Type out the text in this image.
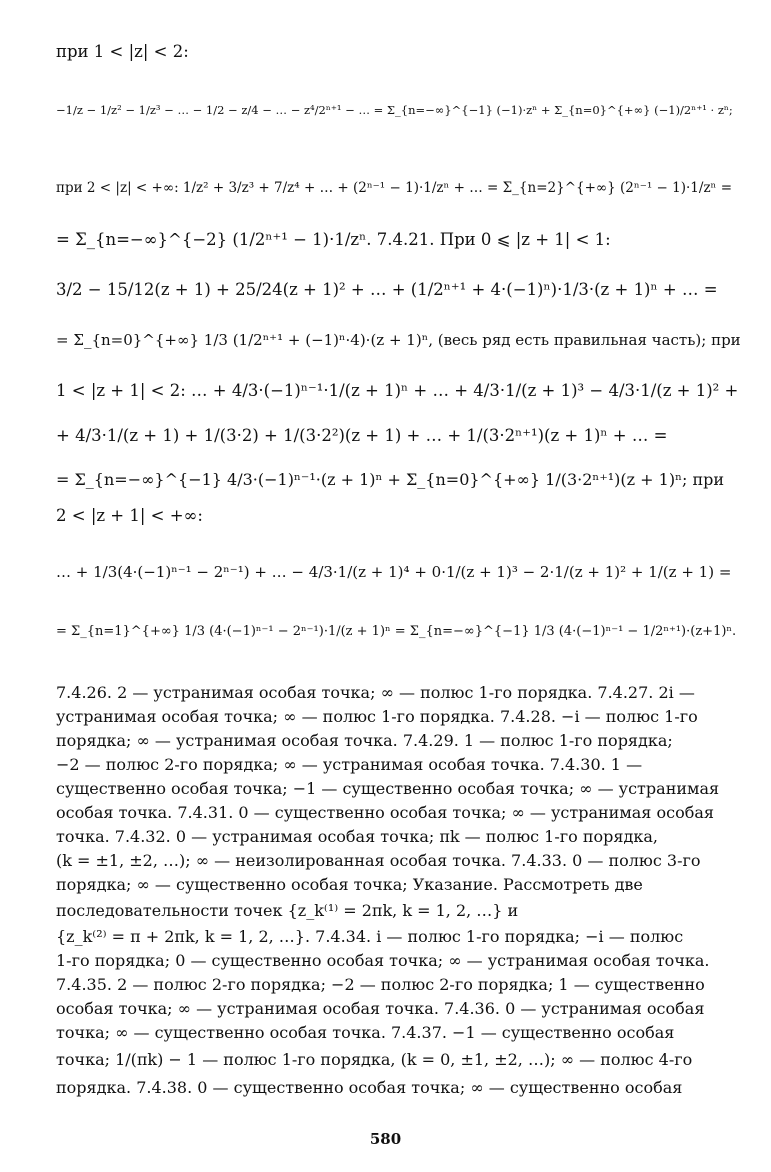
при 1 < |z| < 2:
−1/z − 1/z² − 1/z³ − … − 1/2 − z/4 − … − z⁴/2ⁿ⁺¹ − … = Σ_{n=−∞}^{−1} (−1)·zⁿ + Σ_{n=0}^{+∞} (−1)/2ⁿ⁺¹ · zⁿ;
при 2 < |z| < +∞: 1/z² + 3/z³ + 7/z⁴ + … + (2ⁿ⁻¹ − 1)·1/zⁿ + … = Σ_{n=2}^{+∞} (2ⁿ⁻¹ − 1)·1/zⁿ =
= Σ_{n=−∞}^{−2} (1/2ⁿ⁺¹ − 1)·1/zⁿ. 7.4.21. При 0 ⩽ |z + 1| < 1:
3/2 − 15/12(z + 1) + 25/24(z + 1)² + … + (1/2ⁿ⁺¹ + 4·(−1)ⁿ)·1/3·(z + 1)ⁿ + … =
= Σ_{n=0}^{+∞} 1/3 (1/2ⁿ⁺¹ + (−1)ⁿ·4)·(z + 1)ⁿ, (весь ряд есть правильная часть); при
1 < |z + 1| < 2: … + 4/3·(−1)ⁿ⁻¹·1/(z + 1)ⁿ + … + 4/3·1/(z + 1)³ − 4/3·1/(z + 1)² +
+ 4/3·1/(z + 1) + 1/(3·2) + 1/(3·2²)(z + 1) + … + 1/(3·2ⁿ⁺¹)(z + 1)ⁿ + … =
= Σ_{n=−∞}^{−1} 4/3·(−1)ⁿ⁻¹·(z + 1)ⁿ + Σ_{n=0}^{+∞} 1/(3·2ⁿ⁺¹)(z + 1)ⁿ; при
2 < |z + 1| < +∞:
… + 1/3(4·(−1)ⁿ⁻¹ − 2ⁿ⁻¹) + … − 4/3·1/(z + 1)⁴ + 0·1/(z + 1)³ − 2·1/(z + 1)² + 1/(z + 1) =
= Σ_{n=1}^{+∞} 1/3 (4·(−1)ⁿ⁻¹ − 2ⁿ⁻¹)·1/(z + 1)ⁿ = Σ_{n=−∞}^{−1} 1/3 (4·(−1)ⁿ⁻¹ − 1/2ⁿ⁺¹)·(z+1)ⁿ.
7.4.26. 2 — устранимая особая точка; ∞ — полюс 1-го порядка. 7.4.27. 2i —
устранимая особая точка; ∞ — полюс 1-го порядка. 7.4.28. −i — полюс 1-го
порядка; ∞ — устранимая особая точка. 7.4.29. 1 — полюс 1-го порядка;
−2 — полюс 2-го порядка; ∞ — устранимая особая точка. 7.4.30. 1 —
существенно особая точка; −1 — существенно особая точка; ∞ — устранимая
особая точка. 7.4.31. 0 — существенно особая точка; ∞ — устранимая особая
точка. 7.4.32. 0 — устранимая особая точка; πk — полюс 1-го порядка,
(k = ±1, ±2, …); ∞ — неизолированная особая точка. 7.4.33. 0 — полюс 3-го
порядка; ∞ — существенно особая точка; Указание. Рассмотреть две
последовательности точек {z_k⁽¹⁾ = 2πk, k = 1, 2, …} и
{z_k⁽²⁾ = π + 2πk, k = 1, 2, …}. 7.4.34. i — полюс 1-го порядка; −i — полюс
1-го порядка; 0 — существенно особая точка; ∞ — устранимая особая точка.
7.4.35. 2 — полюс 2-го порядка; −2 — полюс 2-го порядка; 1 — существенно
особая точка; ∞ — устранимая особая точка. 7.4.36. 0 — устранимая особая
точка; ∞ — существенно особая точка. 7.4.37. −1 — существенно особая
точка; 1/(πk) − 1 — полюс 1-го порядка, (k = 0, ±1, ±2, …); ∞ — полюс 4-го
порядка. 7.4.38. 0 — существенно особая точка; ∞ — существенно особая
580
